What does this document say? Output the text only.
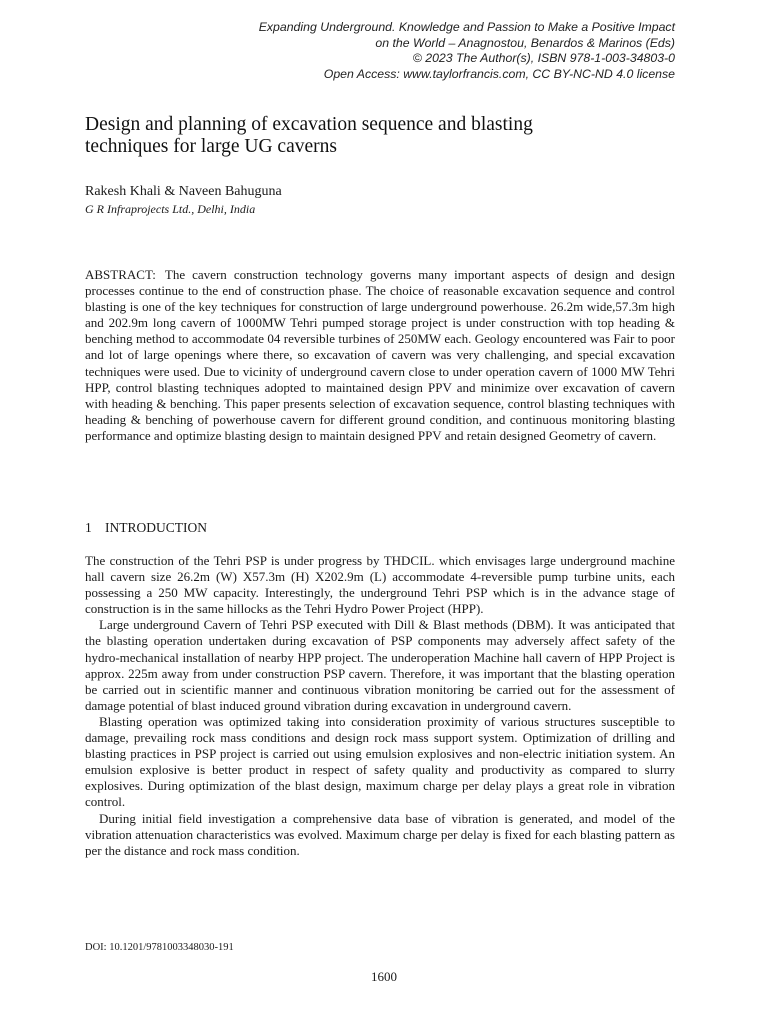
Expanding Underground. Knowledge and Passion to Make a Positive Impact
on the World – Anagnostou, Benardos & Marinos (Eds)
© 2023 The Author(s), ISBN 978-1-003-34803-0
Open Access: www.taylorfrancis.com, CC BY-NC-ND 4.0 license
Design and planning of excavation sequence and blasting
techniques for large UG caverns
Rakesh Khali & Naveen Bahuguna
G R Infraprojects Ltd., Delhi, India
ABSTRACT: The cavern construction technology governs many important aspects of design and design processes continue to the end of construction phase. The choice of reasonable excavation sequence and control blasting is one of the key techniques for construction of large underground powerhouse. 26.2m wide,57.3m high and 202.9m long cavern of 1000MW Tehri pumped storage project is under construction with top heading & benching method to accommodate 04 reversible turbines of 250MW each. Geology encountered was Fair to poor and lot of large openings where there, so excavation of cavern was very challenging, and special excavation techniques were used. Due to vicinity of underground cavern close to under operation cavern of 1000 MW Tehri HPP, control blasting techniques adopted to maintained design PPV and minimize over excavation of cavern with heading & benching. This paper presents selection of excavation sequence, control blasting techniques with heading & benching of powerhouse cavern for different ground condition, and continuous monitoring blasting performance and optimize blasting design to maintain designed PPV and retain designed Geometry of cavern.
1 INTRODUCTION

The construction of the Tehri PSP is under progress by THDCIL. which envisages large underground machine hall cavern size 26.2m (W) X57.3m (H) X202.9m (L) accommodate 4-reversible pump turbine units, each possessing a 250 MW capacity. Interestingly, the underground Tehri PSP which is in the advance stage of construction is in the same hillocks as the Tehri Hydro Power Project (HPP).

Large underground Cavern of Tehri PSP executed with Dill & Blast methods (DBM). It was anticipated that the blasting operation undertaken during excavation of PSP components may adversely affect safety of the hydro-mechanical installation of nearby HPP project. The underoperation Machine hall cavern of HPP Project is approx. 225m away from under construction PSP cavern. Therefore, it was important that the blasting operation be carried out in scientific manner and continuous vibration monitoring be carried out for the assessment of damage potential of blast induced ground vibration during excavation in underground cavern.

Blasting operation was optimized taking into consideration proximity of various structures susceptible to damage, prevailing rock mass conditions and design rock mass support system. Optimization of drilling and blasting practices in PSP project is carried out using emulsion explosives and non-electric initiation system. An emulsion explosive is better product in respect of safety quality and productivity as compared to slurry explosives. During optimization of the blast design, maximum charge per delay plays a great role in vibration control.

During initial field investigation a comprehensive data base of vibration is generated, and model of the vibration attenuation characteristics was evolved. Maximum charge per delay is fixed for each blasting pattern as per the distance and rock mass condition.

DOI: 10.1201/9781003348030-191
1600
